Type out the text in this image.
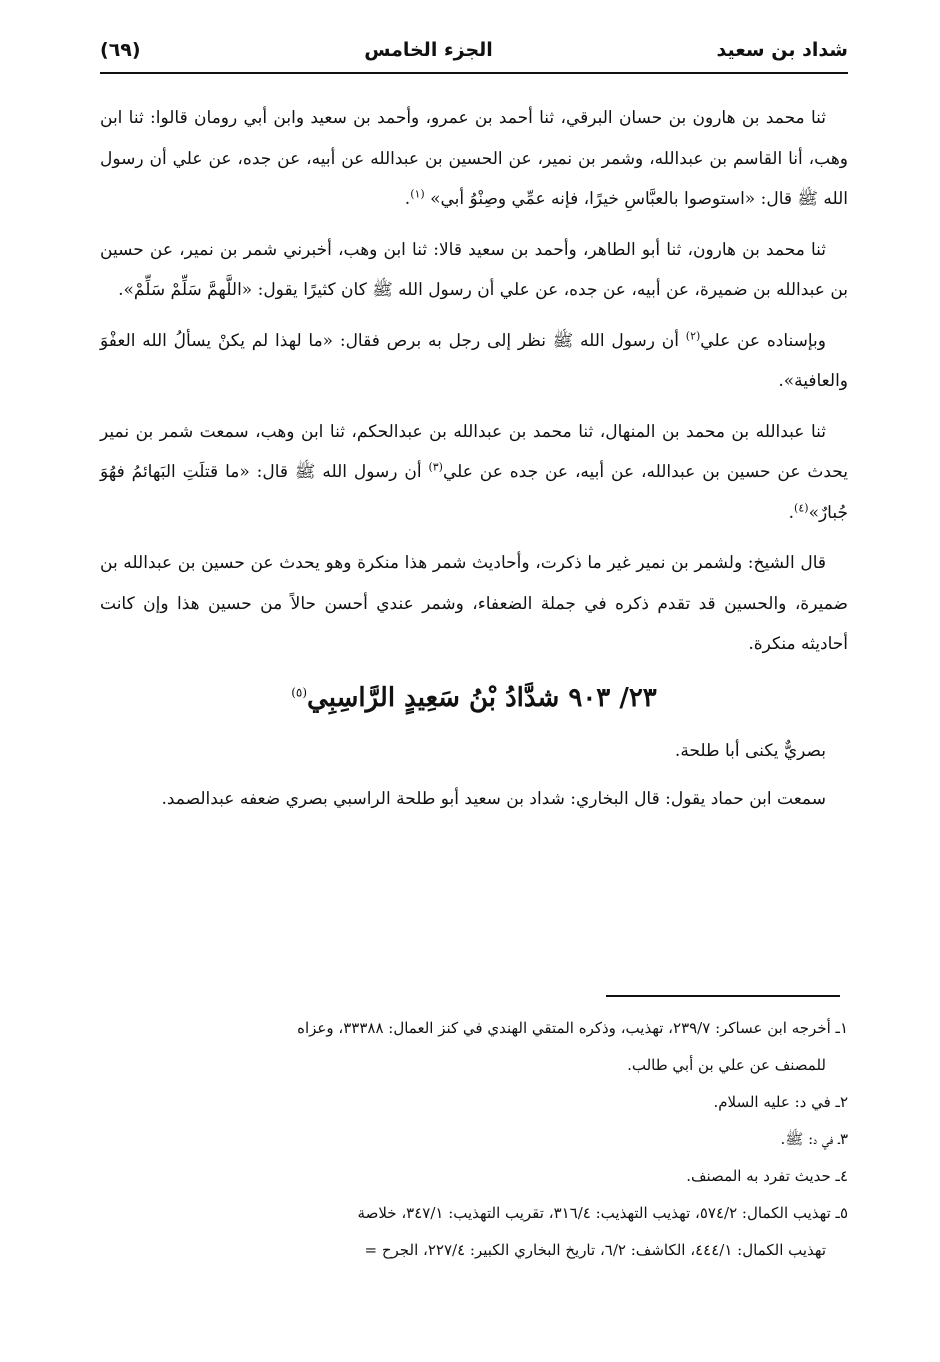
شداد بن سعيد
الجزء الخامس
(٦٩)

ثنا محمد بن هارون بن حسان البرقي، ثنا أحمد بن عمرو، وأحمد بن سعيد وابن أبي رومان قالوا: ثنا ابن وهب، أنا القاسم بن عبدالله، وشمر بن نمير، عن الحسين بن عبدالله عن أبيه، عن جده، عن علي أن رسول الله ﷺ قال: «استوصوا بالعبَّاسِ خيرًا، فإنه عمِّي وصِنْوُ أبي» $^{(١)}$.

ثنا محمد بن هارون، ثنا أبو الطاهر، وأحمد بن سعيد قالا: ثنا ابن وهب، أخبرني شمر بن نمير، عن حسين بن عبدالله بن ضميرة، عن أبيه، عن جده، عن علي أن رسول الله ﷺ كان كثيرًا يقول: «اللَّهمَّ سَلِّمْ سَلِّمْ».

وبإسناده عن علي$^{(٢)}$ أن رسول الله ﷺ نظر إلى رجل به برص فقال: «ما لهذا لم يكنْ يسألُ الله العفْوَ والعافية».

ثنا عبدالله بن محمد بن المنهال، ثنا محمد بن عبدالله بن عبدالحكم، ثنا ابن وهب، سمعت شمر بن نمير يحدث عن حسين بن عبدالله، عن أبيه، عن جده عن علي$^{(٣)}$ أن رسول الله ﷺ قال: «ما قتلَتِ البَهائمُ فهُوَ جُبارٌ»$^{(٤)}$.

قال الشيخ: ولشمر بن نمير غير ما ذكرت، وأحاديث شمر هذا منكرة وهو يحدث عن حسين بن عبدالله بن ضميرة، والحسين قد تقدم ذكره في جملة الضعفاء، وشمر عندي أحسن حالاً من حسين هذا وإن كانت أحاديثه منكرة.

٢٣/ ٩٠٣ شدَّادُ بْنُ سَعِيدٍ الرَّاسِبِي$^{(٥)}$

بصريٌّ يكنى أبا طلحة.

سمعت ابن حماد يقول: قال البخاري: شداد بن سعيد أبو طلحة الراسبي بصري ضعفه عبدالصمد.

١ـ أخرجه ابن عساكر: ٢٣٩/٧، تهذيب، وذكره المتقي الهندي في كنز العمال: ٣٣٣٨٨، وعزاه

للمصنف عن علي بن أبي طالب.

٢ـ في د: عليه السلام.

٣ـ في د: ﷺ.

٤ـ حديث تفرد به المصنف.

٥ـ تهذيب الكمال: ٥٧٤/٢، تهذيب التهذيب: ٣١٦/٤، تقريب التهذيب: ٣٤٧/١، خلاصة

تهذيب الكمال: ٤٤٤/١، الكاشف: ٦/٢، تاريخ البخاري الكبير: ٢٢٧/٤، الجرح =
